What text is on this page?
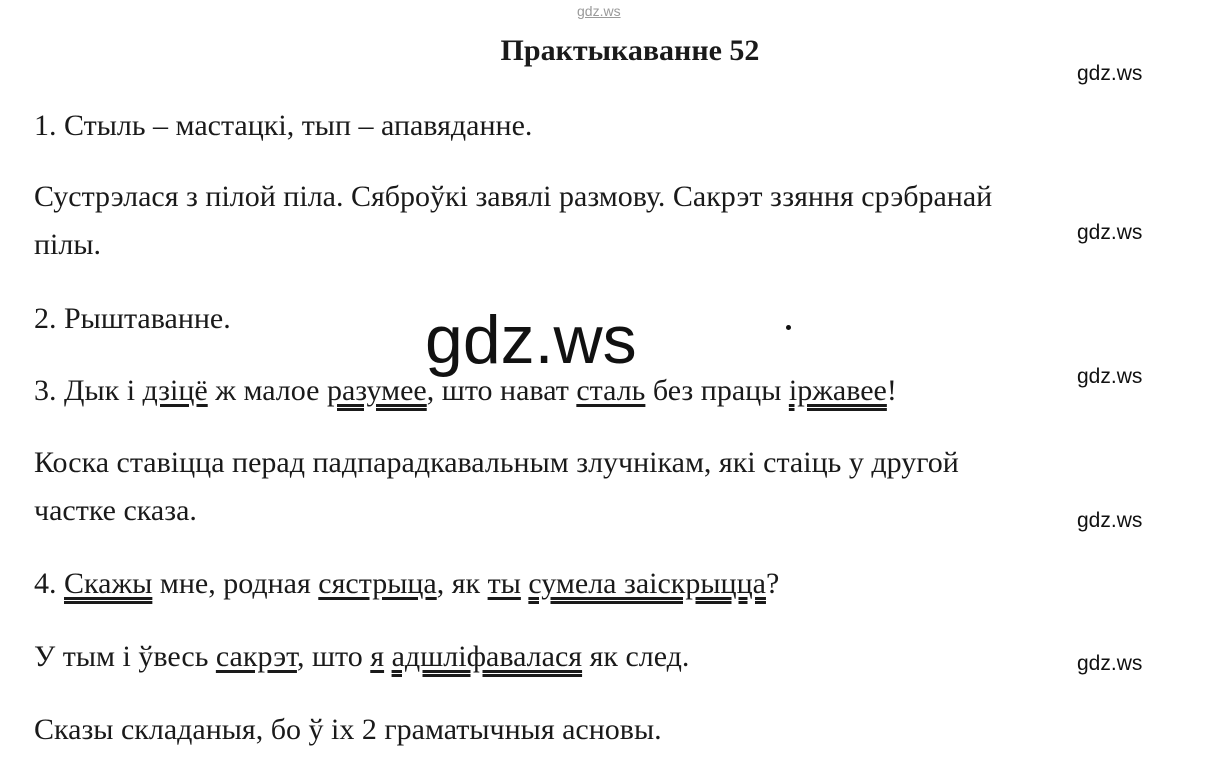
gdz.ws
Практыкаванне 52
gdz.ws
gdz.ws
gdz.ws
gdz.ws
gdz.ws
gdz.ws
1. Стыль – мастацкі, тып – апавяданне.
Сустрэлася з пілой піла. Сяброўкі завялі размову. Сакрэт ззяння срэбранай
пілы.
2. Рыштаванне.
3. Дык і дзіцё ж малое разумее, што нават сталь без працы іржавее!
Коска ставіцца перад падпарадкавальным злучнікам, які стаіць у другой
частке сказа.
4. Скажы мне, родная сястрыца, як ты сумела заіскрыцца?
У тым і ўвесь сакрэт, што я адшліфавалася як след.
Сказы складаныя, бо ў іх 2 граматычныя асновы.
